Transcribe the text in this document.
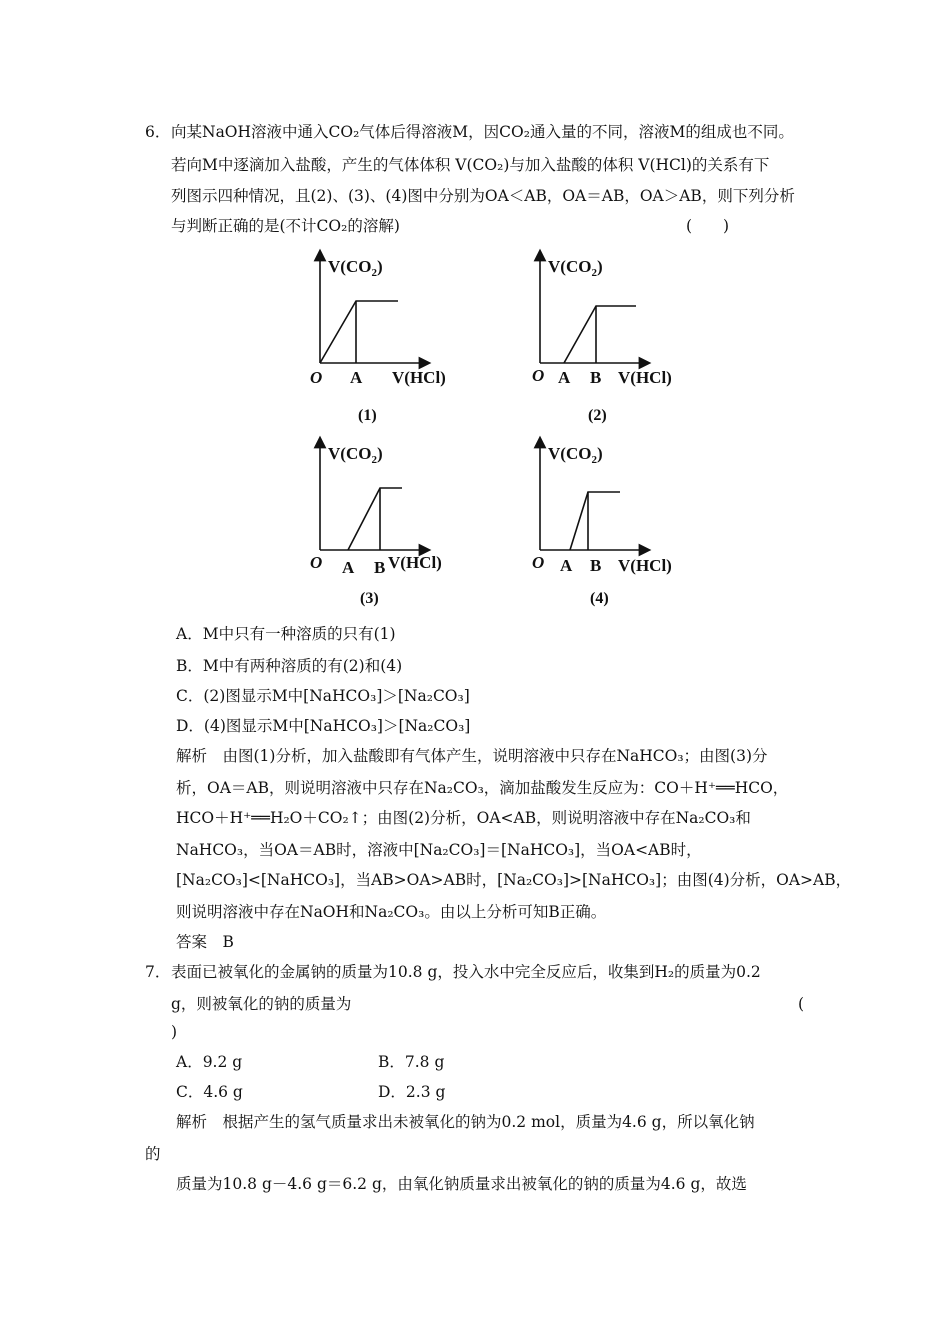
6． 向某NaOH溶液中通入CO₂气体后得溶液M，因CO₂通入量的不同，溶液M的组成也不同。
若向M中逐滴加入盐酸，产生的气体体积 V(CO₂)与加入盐酸的体积 V(HCl)的关系有下
列图示四种情况，且(2)、(3)、(4)图中分别为OA＜AB，OA＝AB，OA＞AB，则下列分析
与判断正确的是(不计CO₂的溶解)	(　　)
$V(CO_2)$
O A V(HCl)
(1)
$V(CO_2)$
O A B V(HCl)
(2)
$V(CO_2)$
O A B V(HCl)
(3)
$V(CO_2)$
O A B V(HCl)
(4)
A．M中只有一种溶质的只有(1)
B．M中有两种溶质的有(2)和(4)
C．(2)图显示M中[NaHCO₃]＞[Na₂CO₃]
D．(4)图显示M中[NaHCO₃]＞[Na₂CO₃]
解析　由图(1)分析，加入盐酸即有气体产生，说明溶液中只存在NaHCO₃；由图(3)分
析，OA＝AB，则说明溶液中只存在Na₂CO₃，滴加盐酸发生反应为：CO＋H⁺══HCO，
HCO＋H⁺══H₂O＋CO₂↑；由图(2)分析，OA<AB，则说明溶液中存在Na₂CO₃和
NaHCO₃，当OA＝AB时，溶液中[Na₂CO₃]＝[NaHCO₃]，当OA<AB时，
[Na₂CO₃]<[NaHCO₃]，当AB>OA>AB时，[Na₂CO₃]>[NaHCO₃]；由图(4)分析，OA>AB，
则说明溶液中存在NaOH和Na₂CO₃。由以上分析可知B正确。
答案　B
7． 表面已被氧化的金属钠的质量为10.8 g，投入水中完全反应后，收集到H₂的质量为0.2
g，则被氧化的钠的质量为	(
)
A．9.2 g	B．7.8 g
C．4.6 g	D．2.3 g
解析　根据产生的氢气质量求出未被氧化的钠为0.2 mol，质量为4.6 g，所以氧化钠
的
质量为10.8 g－4.6 g＝6.2 g，由氧化钠质量求出被氧化的钠的质量为4.6 g，故选
